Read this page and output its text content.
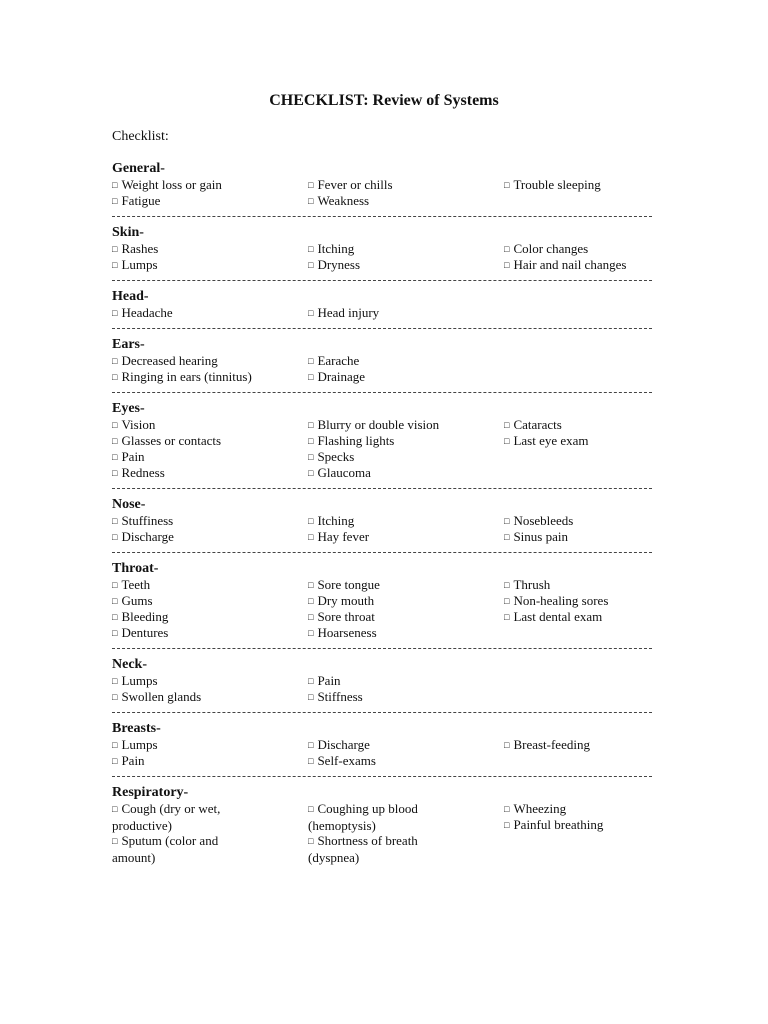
CHECKLIST: Review of Systems
Checklist:
General-
□ Weight loss or gain
□ Fatigue
□ Fever or chills
□ Weakness
□ Trouble sleeping
Skin-
□ Rashes
□ Lumps
□ Itching
□ Dryness
□ Color changes
□ Hair and nail changes
Head-
□ Headache	□ Head injury
Ears-
□ Decreased hearing
□ Ringing in ears (tinnitus)
□ Earache
□ Drainage
Eyes-
□ Vision
□ Glasses or contacts
□ Pain
□ Redness
□ Blurry or double vision
□ Flashing lights
□ Specks
□ Glaucoma
□ Cataracts
□ Last eye exam
Nose-
□ Stuffiness
□ Discharge
□ Itching
□ Hay fever
□ Nosebleeds
□ Sinus pain
Throat-
□ Teeth
□ Gums
□ Bleeding
□ Dentures
□ Sore tongue
□ Dry mouth
□ Sore throat
□ Hoarseness
□ Thrush
□ Non-healing sores
□ Last dental exam
Neck-
□ Lumps
□ Swollen glands
□ Pain
□ Stiffness
Breasts-
□ Lumps
□ Pain
□ Discharge
□ Self-exams
□ Breast-feeding
Respiratory-
□ Cough (dry or wet,
productive)
□ Sputum (color and
amount)
□ Coughing up blood
(hemoptysis)
□ Shortness of breath
(dyspnea)
□ Wheezing
□ Painful breathing
